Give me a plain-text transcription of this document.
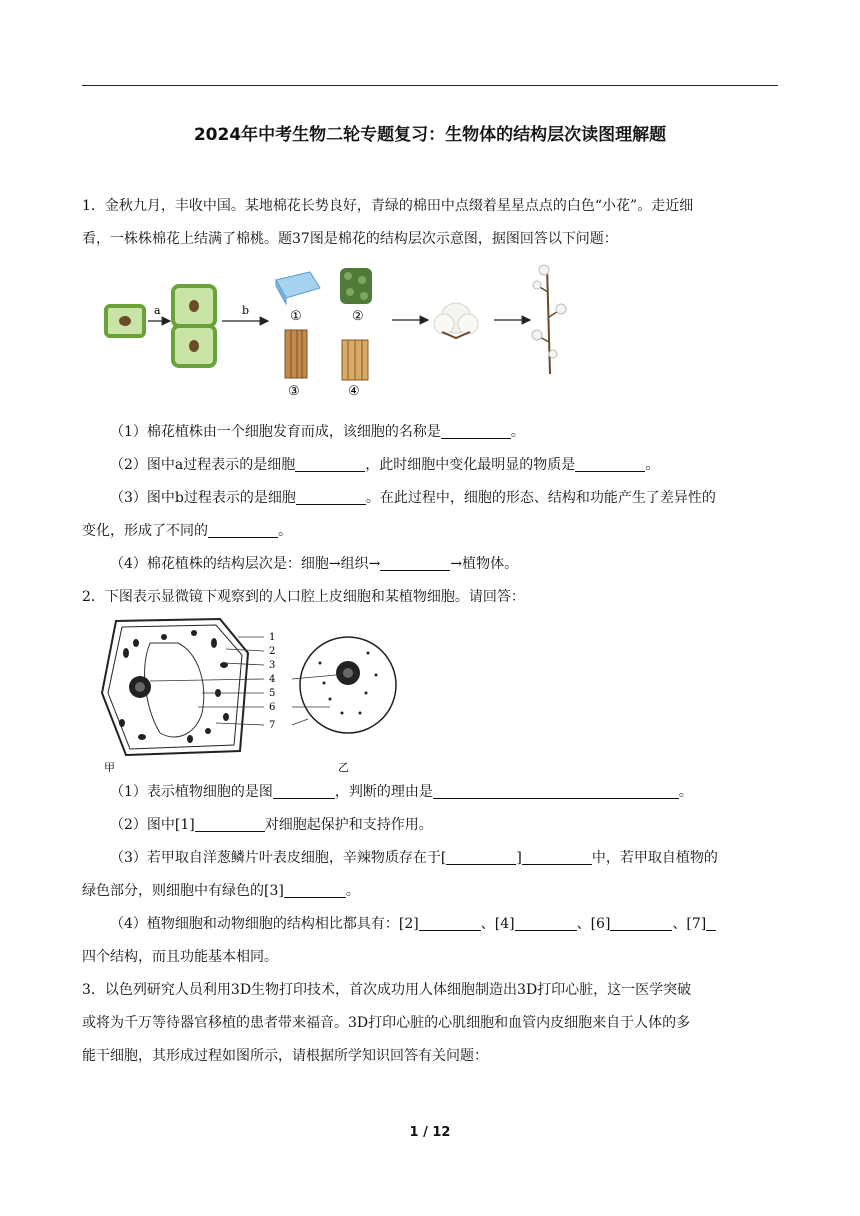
2024年中考生物二轮专题复习：生物体的结构层次读图理解题
1．金秋九月，丰收中国。某地棉花长势良好，青绿的棉田中点缀着星星点点的白色“小花”。走近细
看，一株株棉花上结满了棉桃。题37图是棉花的结构层次示意图，据图回答以下问题：
a	b	①	②
③	④
（1）棉花植株由一个细胞发育而成，该细胞的名称是	。
（2）图中a过程表示的是细胞	，此时细胞中变化最明显的物质是	。
（3）图中b过程表示的是细胞	。在此过程中，细胞的形态、结构和功能产生了差异性的
变化，形成了不同的	。
（4）棉花植株的结构层次是：细胞→组织→	→植物体。
2．下图表示显微镜下观察到的人口腔上皮细胞和某植物细胞。请回答：
1
2
3
4
5
6
7
甲	乙
（1）表示植物细胞的是图	，判断的理由是	。
（2）图中[1]	对细胞起保护和支持作用。
（3）若甲取自洋葱鳞片叶表皮细胞，辛辣物质存在于[	]	中，若甲取自植物的
绿色部分，则细胞中有绿色的[3]	。
（4）植物细胞和动物细胞的结构相比都具有：[2]	、[4]	、[6]	、[7]
四个结构，而且功能基本相同。
3．以色列研究人员利用3D生物打印技术，首次成功用人体细胞制造出3D打印心脏，这一医学突破
或将为千万等待器官移植的患者带来福音。3D打印心脏的心肌细胞和血管内皮细胞来自于人体的多
能干细胞，其形成过程如图所示，请根据所学知识回答有关问题：
1 / 12
